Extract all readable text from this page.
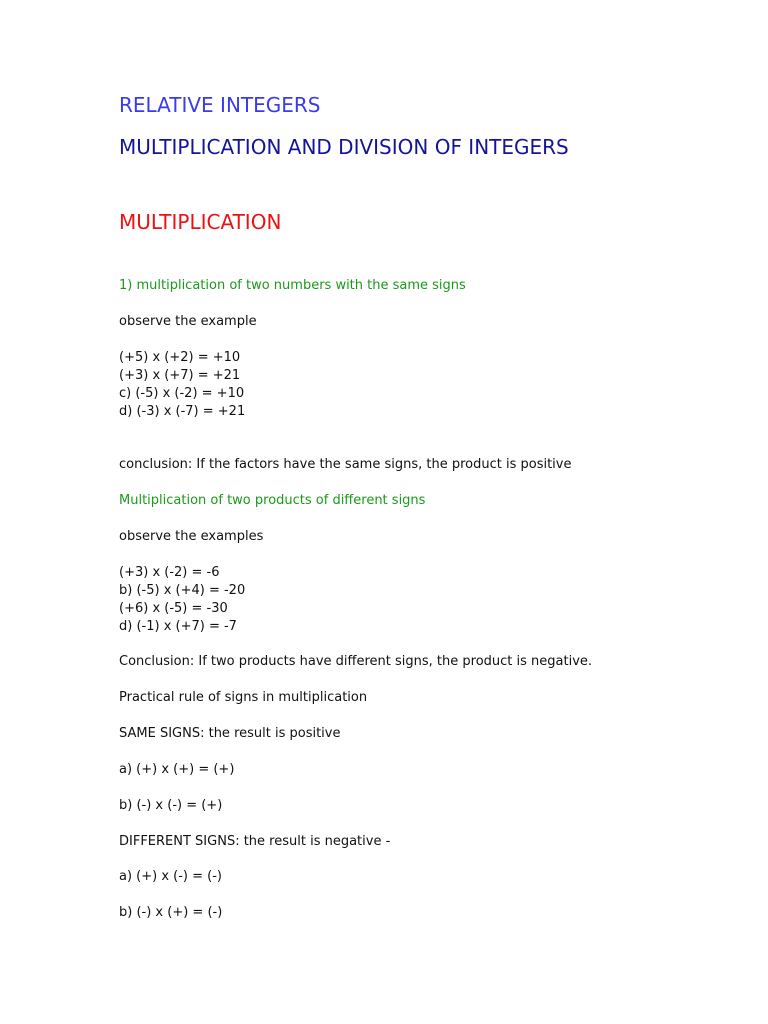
RELATIVE INTEGERS
MULTIPLICATION AND DIVISION OF INTEGERS
MULTIPLICATION
1) multiplication of two numbers with the same signs
observe the example
(+5) x (+2) = +10
(+3) x (+7) = +21
c) (-5) x (-2) = +10
d) (-3) x (-7) = +21
conclusion: If the factors have the same signs, the product is positive
Multiplication of two products of different signs
observe the examples
(+3) x (-2) = -6
b) (-5) x (+4) = -20
(+6) x (-5) = -30
d) (-1) x (+7) = -7
Conclusion: If two products have different signs, the product is negative.
Practical rule of signs in multiplication
SAME SIGNS: the result is positive
a) (+) x (+) = (+)
b) (-) x (-) = (+)
DIFFERENT SIGNS: the result is negative -
a) (+) x (-) = (-)
b) (-) x (+) = (-)
